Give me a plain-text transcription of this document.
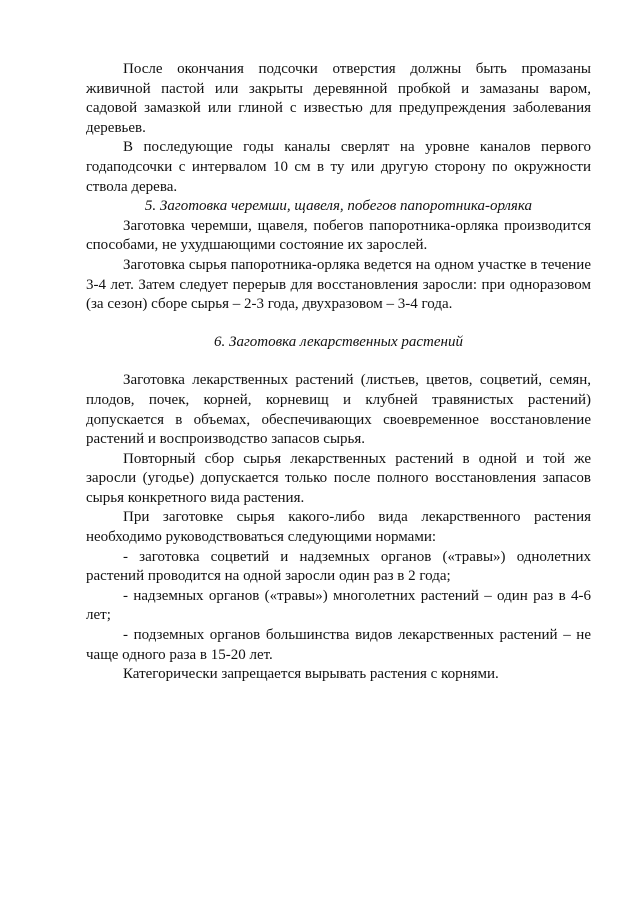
После окончания подсочки отверстия должны быть промазаны живичной пастой или закрыты деревянной пробкой и замазаны варом, садовой замазкой или глиной с известью для предупреждения заболевания деревьев.

В последующие годы каналы сверлят на уровне каналов первого годаподсочки с интервалом 10 см в ту или другую сторону по окружности ствола дерева.

5. Заготовка черемши, щавеля, побегов папоротника-орляка

Заготовка черемши, щавеля, побегов папоротника-орляка производится способами, не ухудшающими состояние их зарослей.

Заготовка сырья папоротника-орляка ведется на одном участке в течение 3-4 лет. Затем следует перерыв для восстановления заросли: при одноразовом (за сезон) сборе сырья – 2-3 года, двухразовом – 3-4 года.

6. Заготовка лекарственных растений

Заготовка лекарственных растений (листьев, цветов, соцветий, семян, плодов, почек, корней, корневищ и клубней травянистых растений) допускается в объемах, обеспечивающих своевременное восстановление растений и воспроизводство запасов сырья.

Повторный сбор сырья лекарственных растений в одной и той же заросли (угодье) допускается только после полного восстановления запасов сырья конкретного вида растения.

При заготовке сырья какого-либо вида лекарственного растения необходимо руководствоваться следующими нормами:

- заготовка соцветий и надземных органов («травы») однолетних растений проводится на одной заросли один раз в 2 года;

- надземных органов («травы») многолетних растений – один раз в 4-6 лет;

- подземных органов большинства видов лекарственных растений – не чаще одного раза в 15-20 лет.

Категорически запрещается вырывать растения с корнями.
